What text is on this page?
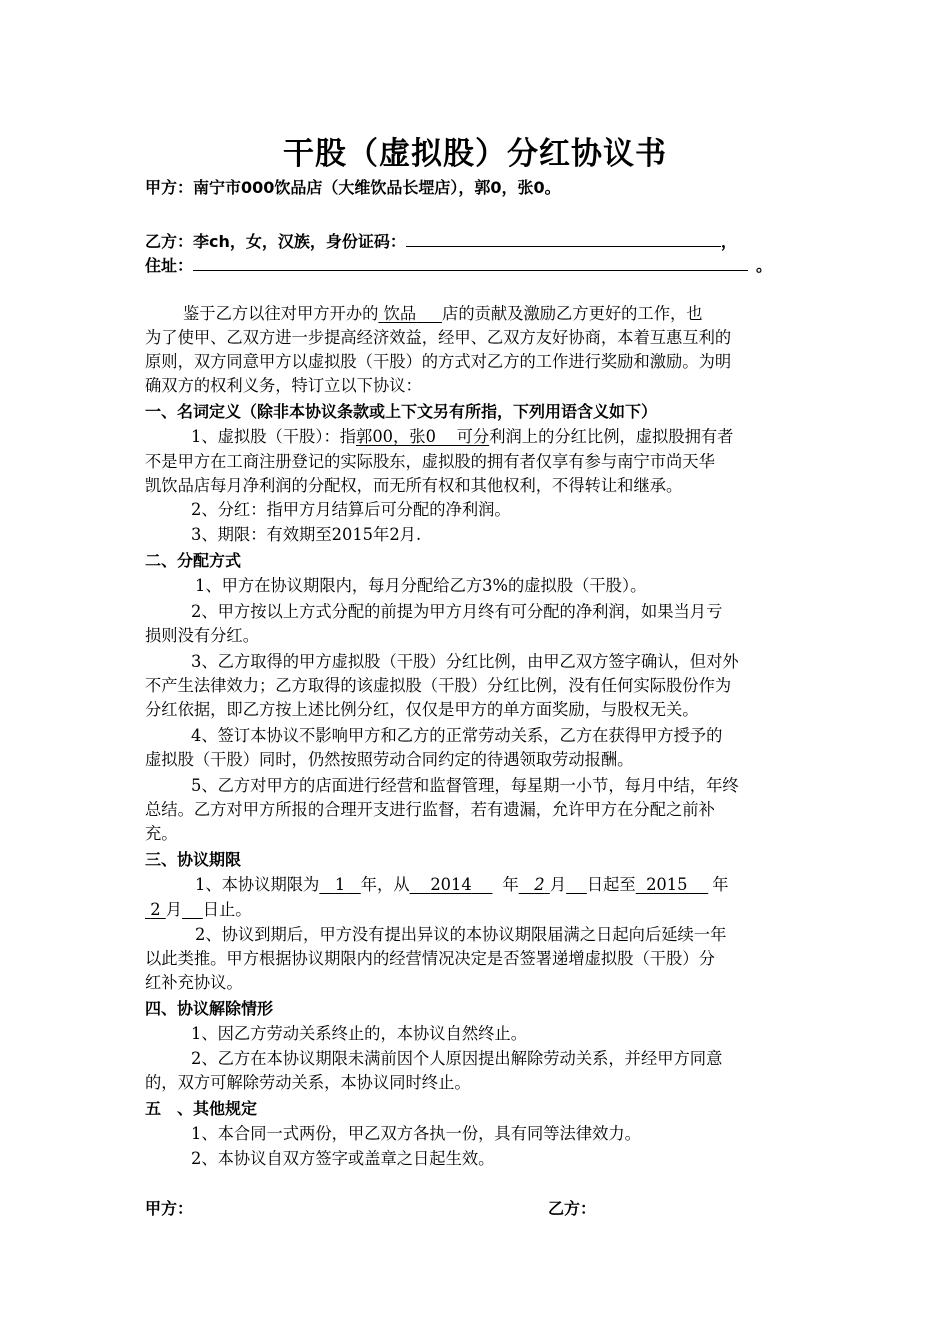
干股（虚拟股）分红协议书
甲方：南宁市000饮品店（大维饮品长堽店），郭0，张0。
乙方：李ch，女，汉族，身份证码：	，
住址：	。
鉴于乙方以往对甲方开办的 饮品 店的贡献及激励乙方更好的工作，也
为了使甲、乙双方进一步提高经济效益，经甲、乙双方友好协商，本着互惠互利的
原则，双方同意甲方以虚拟股（干股）的方式对乙方的工作进行奖励和激励。为明
确双方的权利义务，特订立以下协议：
一、名词定义（除非本协议条款或上下文另有所指，下列用语含义如下）
1、虚拟股（干股）：指郭00，张0    可分利润上的分红比例，虚拟股拥有者
不是甲方在工商注册登记的实际股东，虚拟股的拥有者仅享有参与南宁市尚天华
凯饮品店每月净利润的分配权，而无所有权和其他权利，不得转让和继承。
2、分红：指甲方月结算后可分配的净利润。
3、期限：有效期至2015年2月.
二、分配方式
1、甲方在协议期限内，每月分配给乙方3%的虚拟股（干股）。
2、甲方按以上方式分配的前提为甲方月终有可分配的净利润，如果当月亏
损则没有分红。
3、乙方取得的甲方虚拟股（干股）分红比例，由甲乙双方签字确认，但对外
不产生法律效力；乙方取得的该虚拟股（干股）分红比例，没有任何实际股份作为
分红依据，即乙方按上述比例分红，仅仅是甲方的单方面奖励，与股权无关。
4、签订本协议不影响甲方和乙方的正常劳动关系，乙方在获得甲方授予的
虚拟股（干股）同时，仍然按照劳动合同约定的待遇领取劳动报酬。
5、乙方对甲方的店面进行经营和监督管理，每星期一小节，每月中结，年终
总结。乙方对甲方所报的合理开支进行监督，若有遗漏，允许甲方在分配之前补
充。
三、协议期限
1、本协议期限为 1 年，从 2014 年 2 月 日起至 2015 年
2 月 日止。
2、协议到期后，甲方没有提出异议的本协议期限届满之日起向后延续一年
以此类推。甲方根据协议期限内的经营情况决定是否签署递增虚拟股（干股）分
红补充协议。
四、协议解除情形
1、因乙方劳动关系终止的，本协议自然终止。
2、乙方在本协议期限未满前因个人原因提出解除劳动关系，并经甲方同意
的，双方可解除劳动关系，本协议同时终止。
五 、其他规定
1、本合同一式两份，甲乙双方各执一份，具有同等法律效力。
2、本协议自双方签字或盖章之日起生效。
甲方：	乙方：
